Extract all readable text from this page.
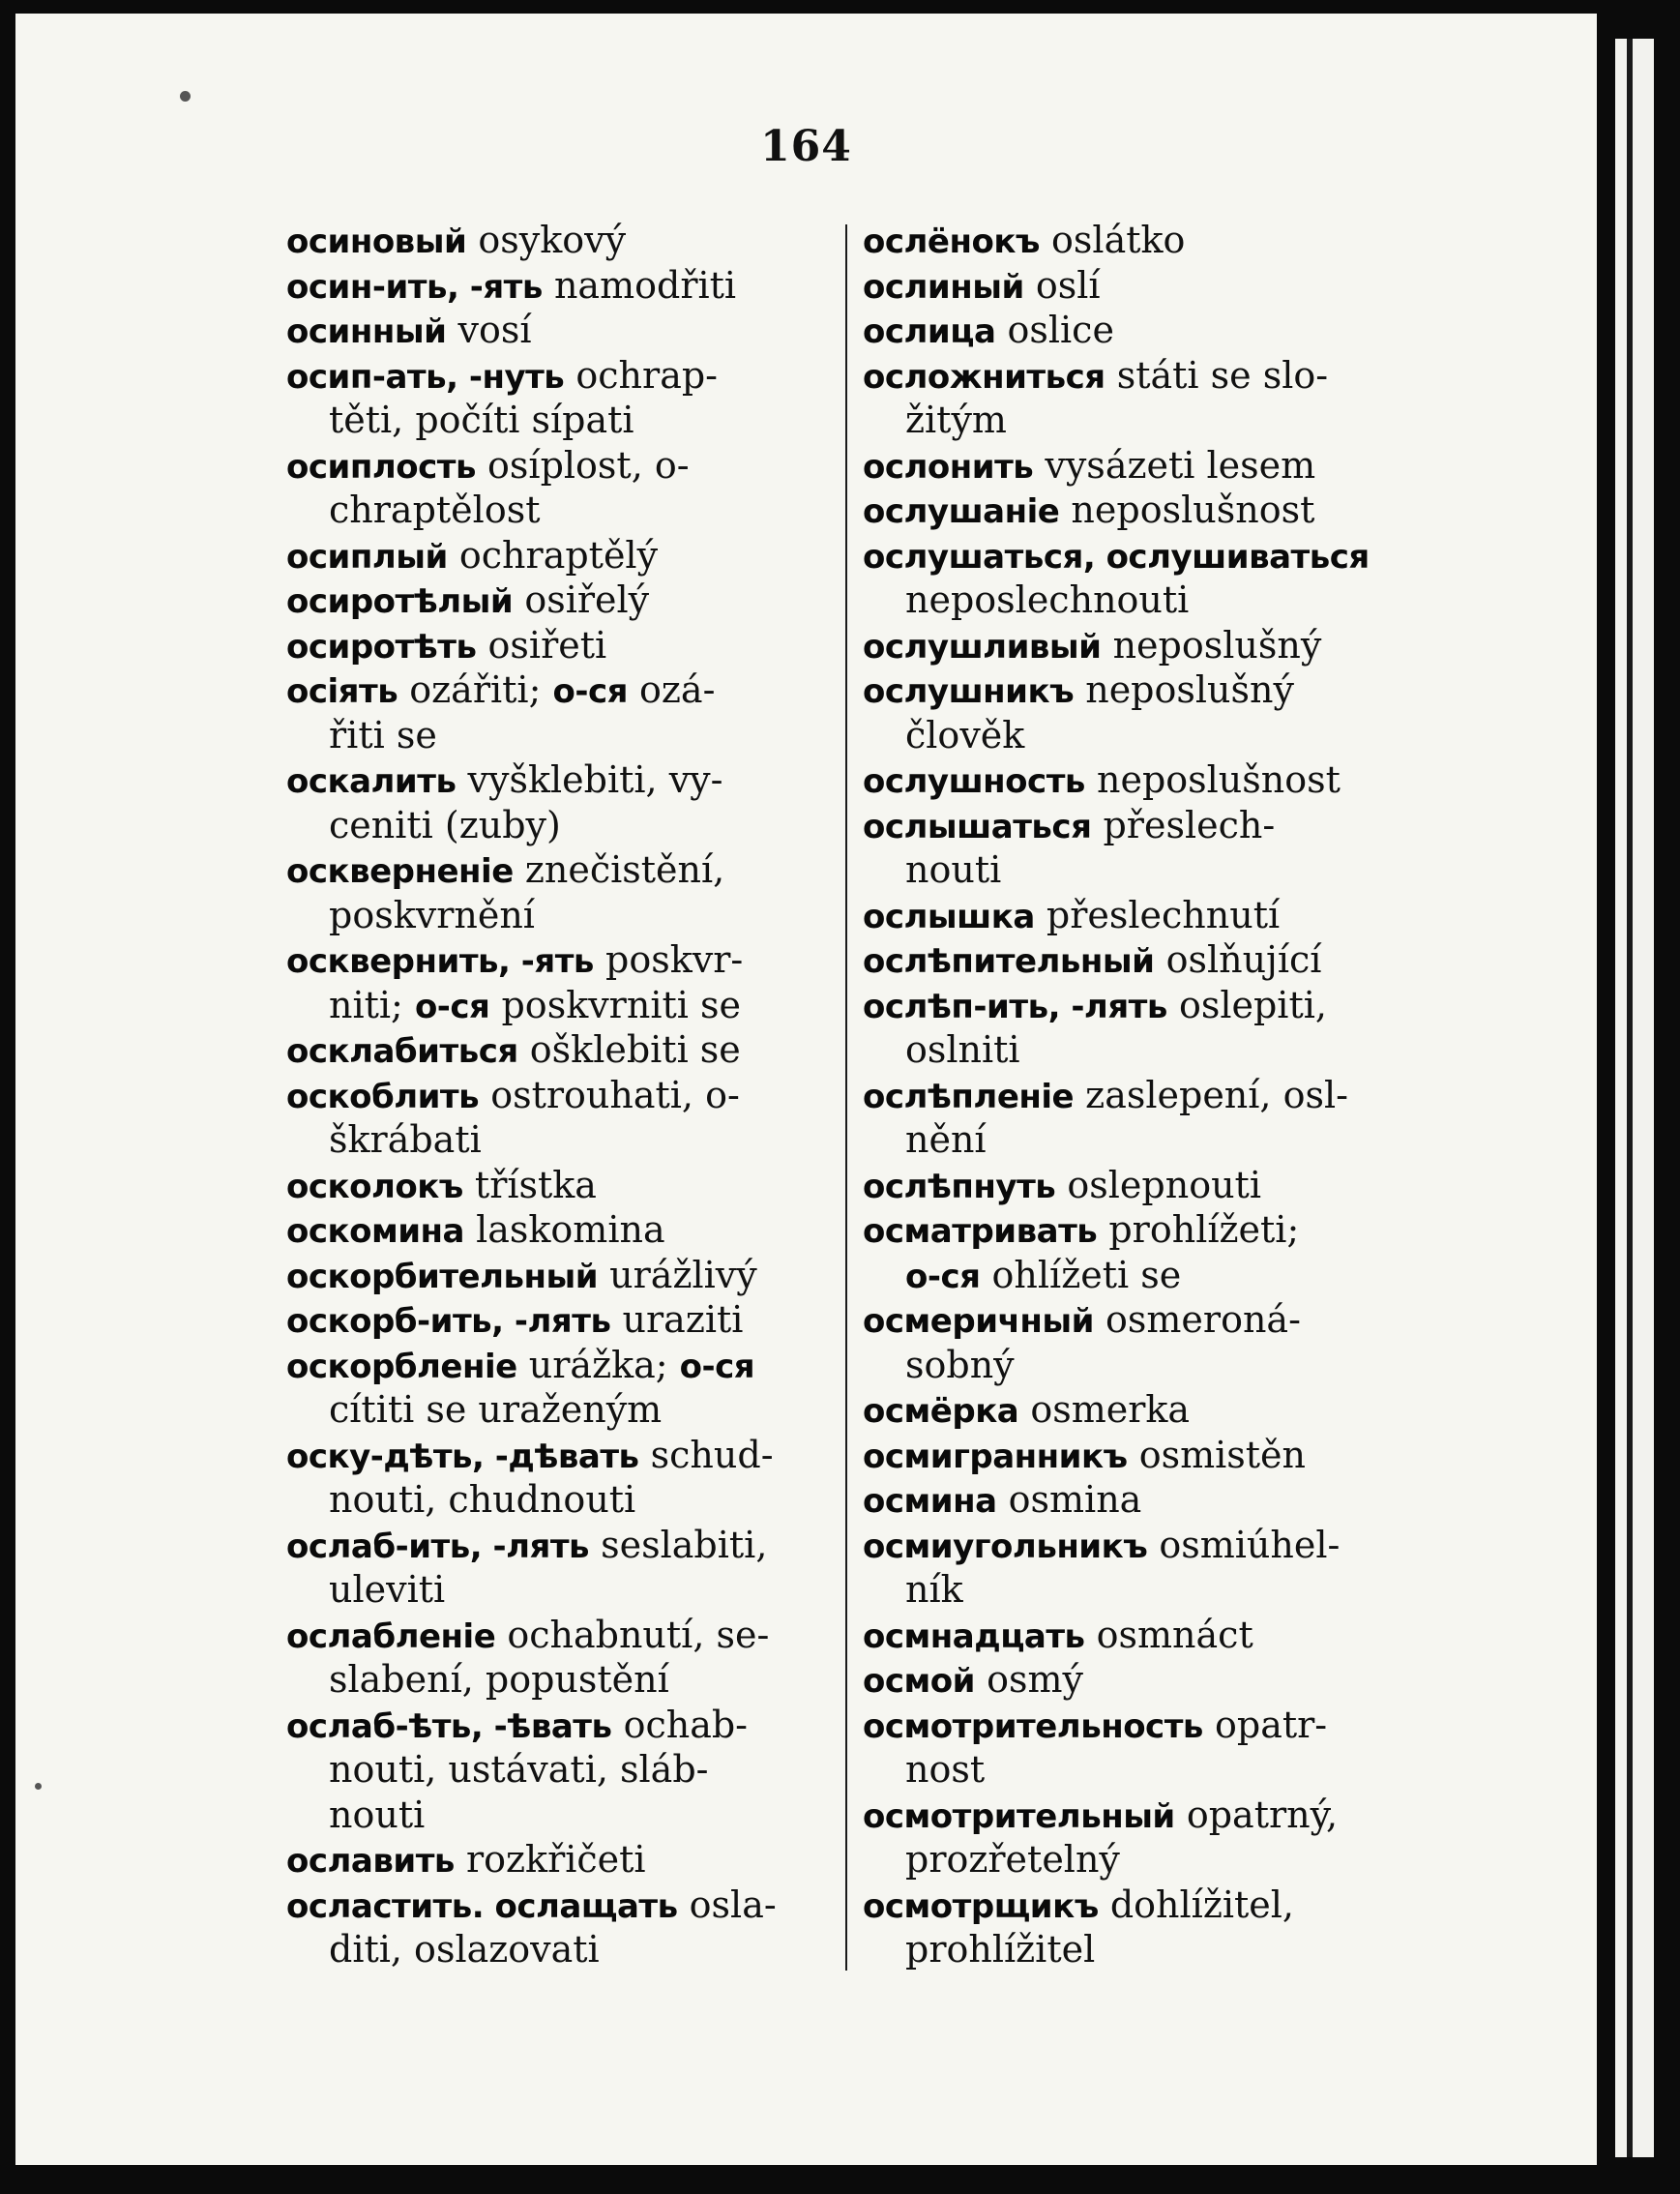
164
осиновый osykový
осин-ить, -ять namodřiti
осинный vosí
осип-ать, -нуть ochrap-
těti, počíti sípati
осиплость osíplost, o-
chraptělost
осиплый ochraptělý
осиротѣлый osiřelý
осиротѣть osiřeti
осiять ozářiti; о-ся ozá-
řiti se
оскалить vyšklebiti, vy-
ceniti (zuby)
оскверненiе znečistění,
poskvrnění
осквернить, -ять poskvr-
niti; о-ся poskvrniti se
осклабиться ošklebiti se
оскоблить ostrouhati, o-
škrábati
осколокъ třístka
оскомина laskomina
оскорбительный urážlivý
оскорб-ить, -лять uraziti
оскорбленiе urážka; о-ся
cítiti se uraženým
оску-дѣть, -дѣвать schud-
nouti, chudnouti
ослаб-ить, -лять seslabiti,
uleviti
ослабленiе ochabnutí, se-
slabení, popustění
ослаб-ѣть, -ѣвать ochab-
nouti, ustávati, sláb-
nouti
ославить rozkřičeti
осластить. ослащать osla-
diti, oslazovati
ослёнокъ oslátko
ослиный oslí
ослица oslice
осложниться státi se slo-
žitým
ослонить vysázeti lesem
ослушанiе neposlušnost
ослушаться, ослушиваться
neposlechnouti
ослушливый neposlušný
ослушникъ neposlušný
člověk
ослушность neposlušnost
ослышаться přeslech-
nouti
ослышкa přeslechnutí
ослѣпительный oslňující
ослѣп-ить, -лять oslepiti,
oslniti
ослѣпленiе zaslepení, osl-
nění
ослѣпнуть oslepnouti
осматривать prohlížeti;
о-ся ohlížeti se
осмеричный osmeroná-
sobný
осмёрка osmerka
осмигранникъ osmistěn
осмина osmina
осмиугольникъ osmiúhel-
ník
осмнадцать osmnáct
осмой osmý
осмотрительность opatr-
nost
осмотрительный opatrný,
prozřetelný
осмотрщикъ dohlížitel,
prohlížitel
